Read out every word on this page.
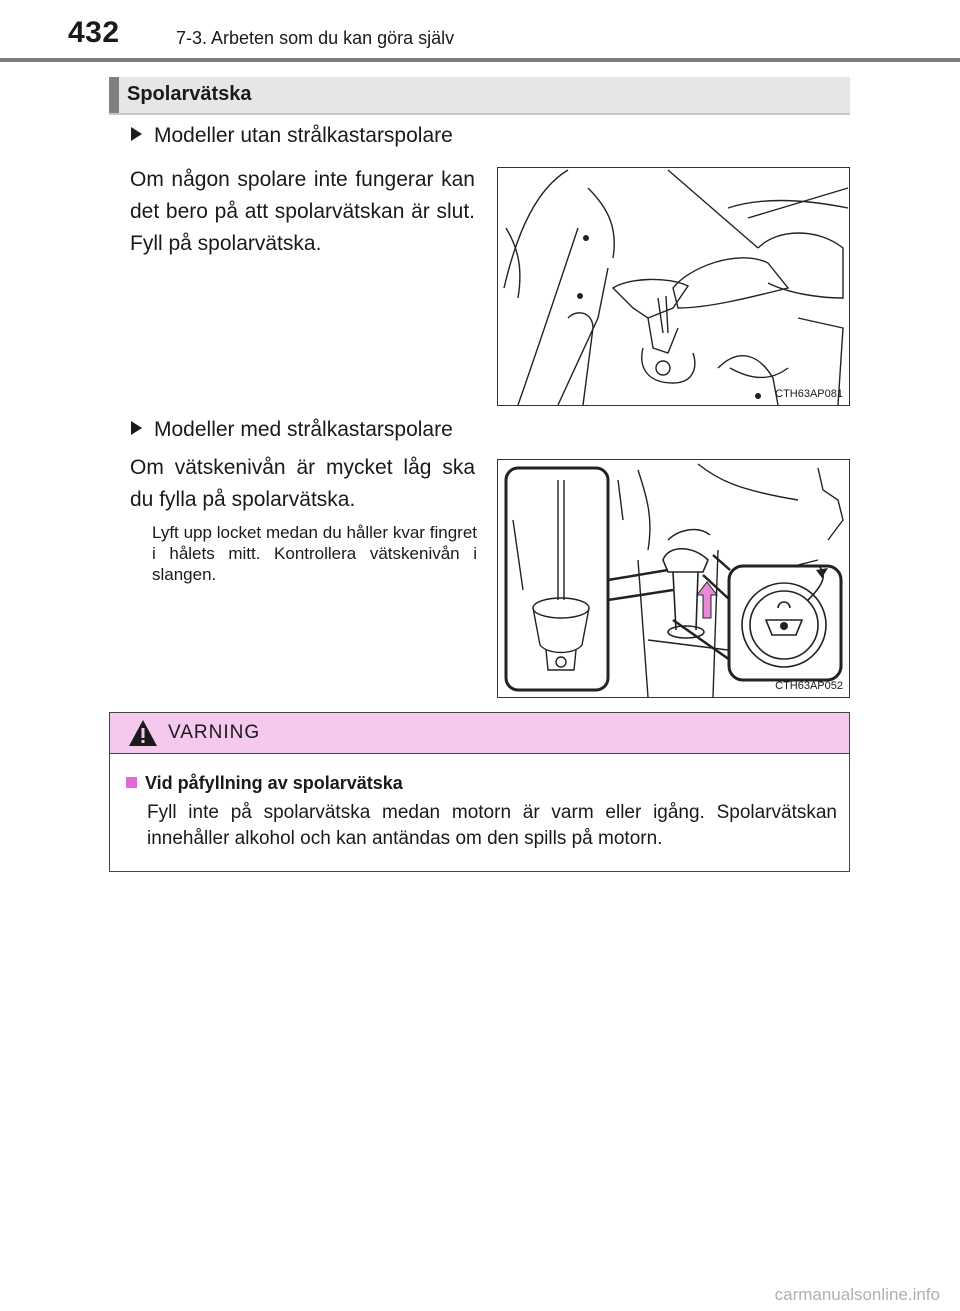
432	7-3. Arbeten som du kan göra själv
Spolarvätska
Modeller utan strålkastarspolare
Om någon spolare inte fungerar kan det bero på att spolarvätskan är slut. Fyll på spolarvätska.
CTH63AP081
Modeller med strålkastarspolare
Om vätskenivån är mycket låg ska du fylla på spolarvätska.
Lyft upp locket medan du håller kvar fingret i hålets mitt. Kontrollera vätskenivån i slangen.
CTH63AP052
VARNING
Vid påfyllning av spolarvätska
Fyll inte på spolarvätska medan motorn är varm eller igång. Spolarvätskan innehåller alkohol och kan antändas om den spills på motorn.
carmanualsonline.info
